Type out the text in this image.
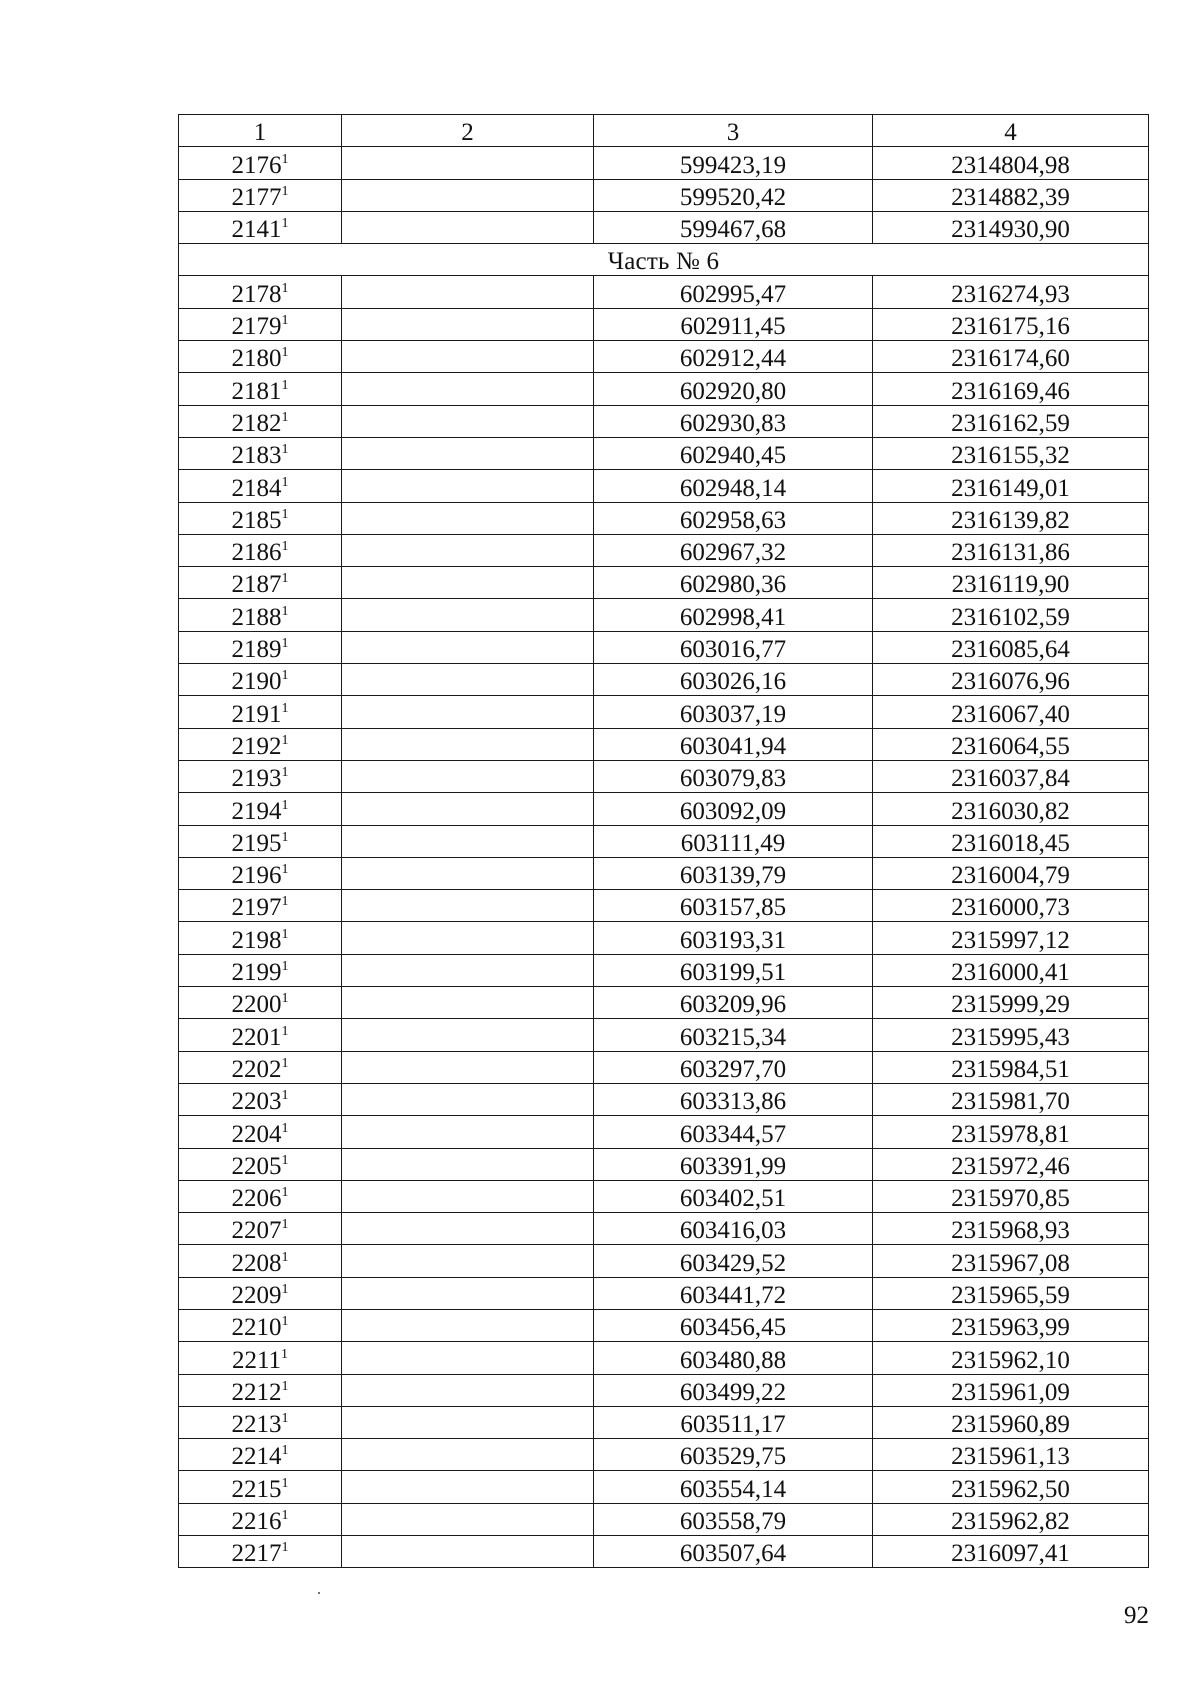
1	2	3	4
2176$^1$		599423,19	2314804,98
2177$^1$		599520,42	2314882,39
2141$^1$		599467,68	2314930,90
Часть № 6			
2178$^1$		602995,47	2316274,93
2179$^1$		602911,45	2316175,16
2180$^1$		602912,44	2316174,60
2181$^1$		602920,80	2316169,46
2182$^1$		602930,83	2316162,59
2183$^1$		602940,45	2316155,32
2184$^1$		602948,14	2316149,01
2185$^1$		602958,63	2316139,82
2186$^1$		602967,32	2316131,86
2187$^1$		602980,36	2316119,90
2188$^1$		602998,41	2316102,59
2189$^1$		603016,77	2316085,64
2190$^1$		603026,16	2316076,96
2191$^1$		603037,19	2316067,40
2192$^1$		603041,94	2316064,55
2193$^1$		603079,83	2316037,84
2194$^1$		603092,09	2316030,82
2195$^1$		603111,49	2316018,45
2196$^1$		603139,79	2316004,79
2197$^1$		603157,85	2316000,73
2198$^1$		603193,31	2315997,12
2199$^1$		603199,51	2316000,41
2200$^1$		603209,96	2315999,29
2201$^1$		603215,34	2315995,43
2202$^1$		603297,70	2315984,51
2203$^1$		603313,86	2315981,70
2204$^1$		603344,57	2315978,81
2205$^1$		603391,99	2315972,46
2206$^1$		603402,51	2315970,85
2207$^1$		603416,03	2315968,93
2208$^1$		603429,52	2315967,08
2209$^1$		603441,72	2315965,59
2210$^1$		603456,45	2315963,99
2211$^1$		603480,88	2315962,10
2212$^1$		603499,22	2315961,09
2213$^1$		603511,17	2315960,89
2214$^1$		603529,75	2315961,13
2215$^1$		603554,14	2315962,50
2216$^1$		603558,79	2315962,82
2217$^1$		603507,64	2316097,41
92
